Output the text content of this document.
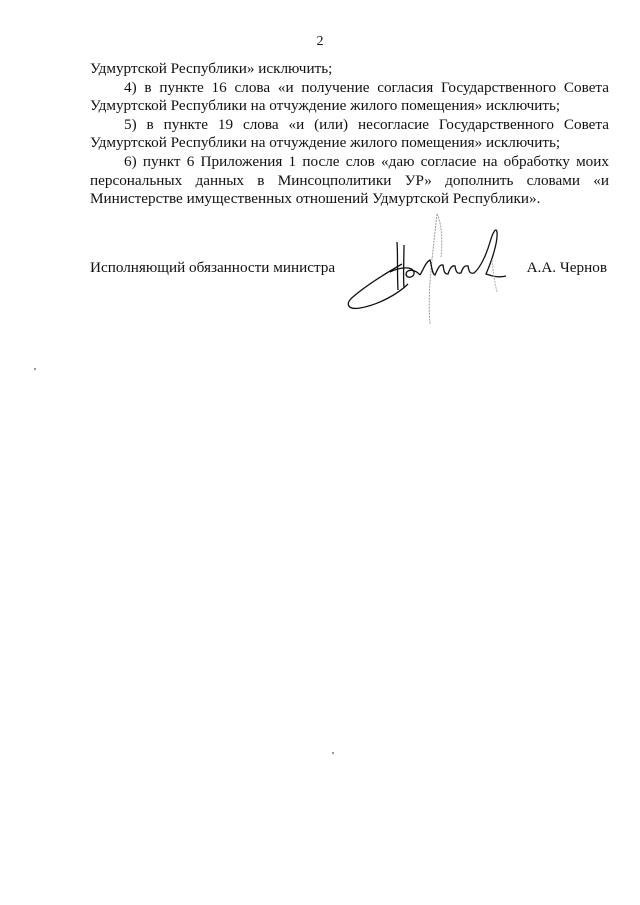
2

Удмуртской Республики» исключить;

4) в пункте 16 слова «и получение согласия Государственного Совета Удмуртской Республики на отчуждение жилого помещения» исключить;

5) в пункте 19 слова «и (или) несогласие Государственного Совета Удмуртской Республики на отчуждение жилого помещения» исключить;

6) пункт 6 Приложения 1 после слов «даю согласие на обработку моих персональных данных в Минсоцполитики УР» дополнить словами «и Министерстве имущественных отношений Удмуртской Республики».

Исполняющий обязанности министра	А.А. Чернов
